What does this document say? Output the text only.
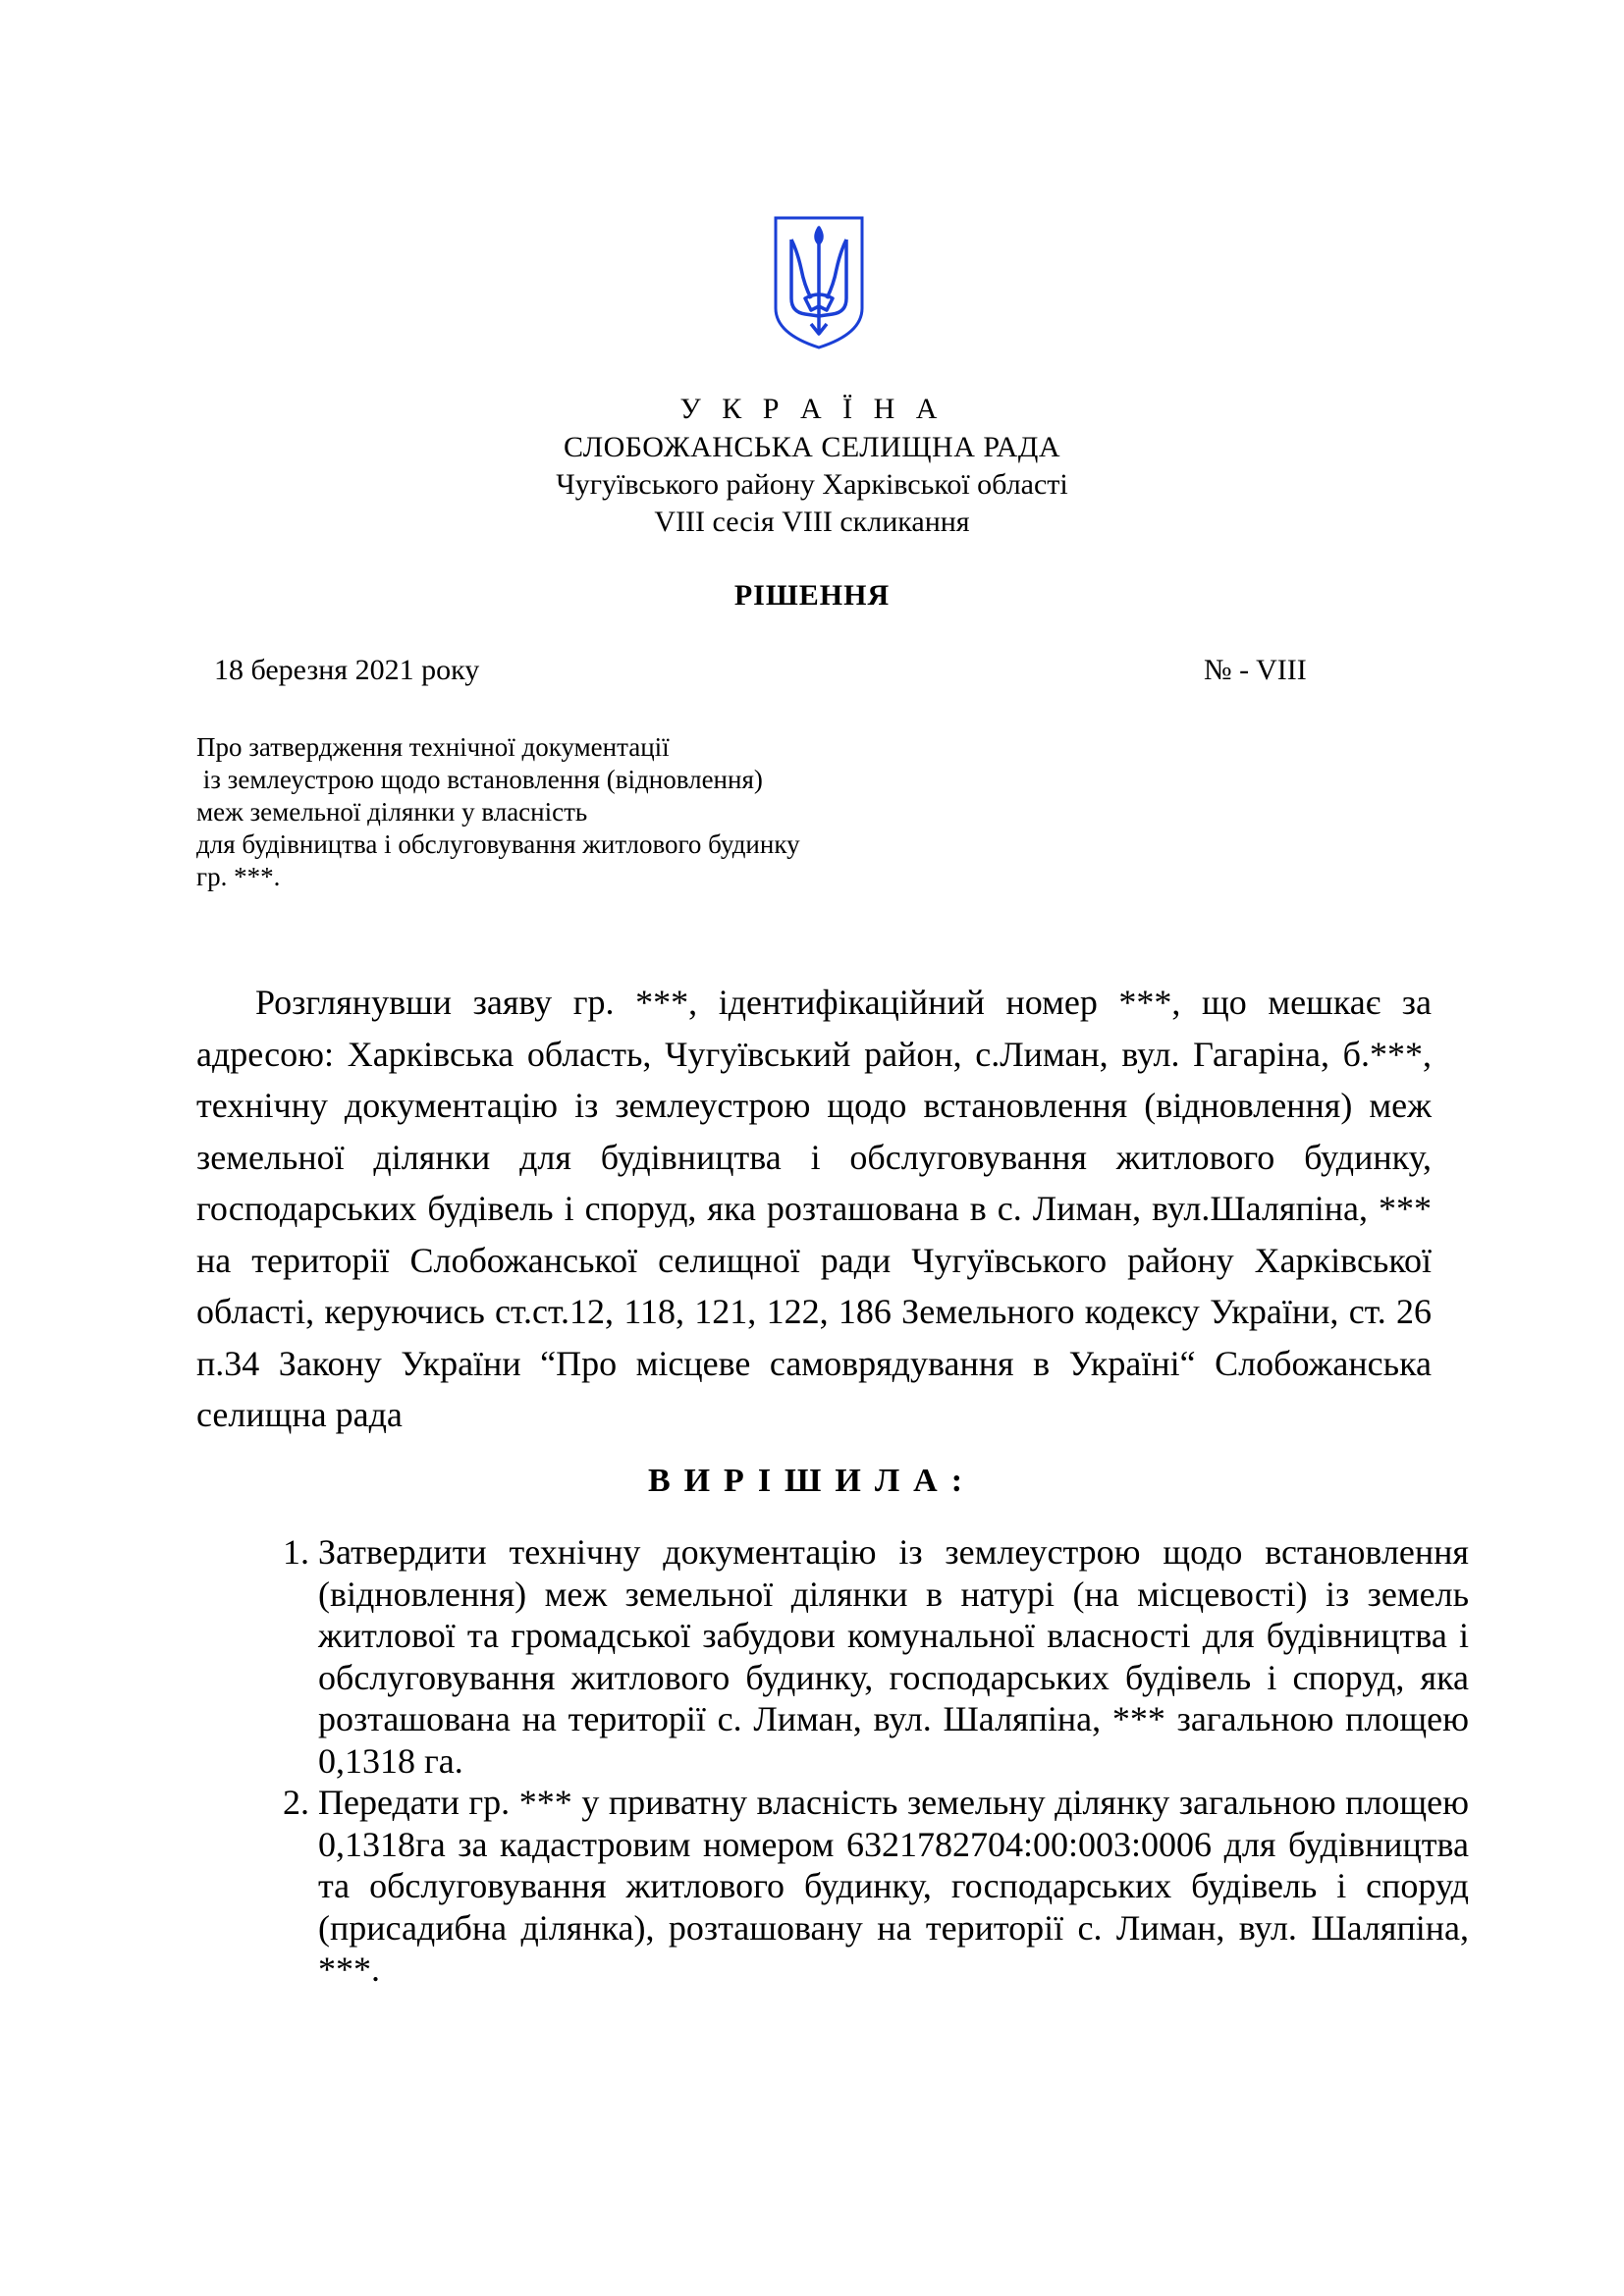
У К Р А Ї Н А
СЛОБОЖАНСЬКА СЕЛИЩНА РАДА
Чугуївського району Харківської області
VIII сесія VIII скликання
РІШЕННЯ
18 березня 2021 року	№ - VIII
Про затвердження технічної документації
із землеустрою щодо встановлення (відновлення)
меж земельної ділянки у власність
для будівництва і обслуговування житлового будинку
гр. ***.
Розглянувши заяву гр. ***, ідентифікаційний номер ***, що мешкає за адресою: Харківська область, Чугуївський район, с.Лиман, вул. Гагаріна, б.***, технічну документацію із землеустрою щодо встановлення (відновлення) меж земельної ділянки для будівництва і обслуговування житлового будинку, господарських будівель і споруд, яка розташована в с. Лиман, вул.Шаляпіна, *** на території Слобожанської селищної ради Чугуївського району Харківської області, керуючись ст.ст.12, 118, 121, 122, 186 Земельного кодексу України, ст. 26 п.34 Закону України “Про місцеве самоврядування в Україні“ Слобожанська селищна рада
ВИРІШИЛА:
1. Затвердити технічну документацію із землеустрою щодо встановлення (відновлення) меж земельної ділянки в натурі (на місцевості) із земель житлової та громадської забудови комунальної власності для будівництва і обслуговування житлового будинку, господарських будівель і споруд, яка розташована на території с. Лиман, вул. Шаляпіна, *** загальною площею 0,1318 га.
2. Передати гр. *** у приватну власність земельну ділянку загальною площею 0,1318га за кадастровим номером 6321782704:00:003:0006 для будівництва та обслуговування житлового будинку, господарських будівель і споруд (присадибна ділянка), розташовану на території с. Лиман, вул. Шаляпіна, ***.
